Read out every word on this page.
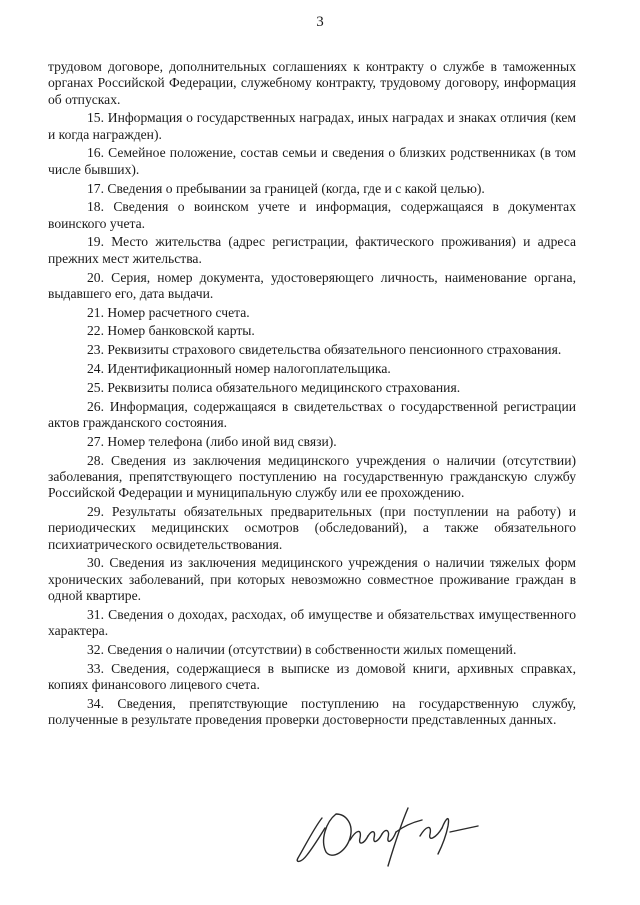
3

трудовом договоре, дополнительных соглашениях к контракту о службе в таможенных органах Российской Федерации, служебному контракту, трудовому договору, информация об отпусках.

15. Информация о государственных наградах, иных наградах и знаках отличия (кем и когда награжден).

16. Семейное положение, состав семьи и сведения о близких родственниках (в том числе бывших).

17. Сведения о пребывании за границей (когда, где и с какой целью).

18. Сведения о воинском учете и информация, содержащаяся в документах воинского учета.

19. Место жительства (адрес регистрации, фактического проживания) и адреса прежних мест жительства.

20. Серия, номер документа, удостоверяющего личность, наименование органа, выдавшего его, дата выдачи.

21. Номер расчетного счета.

22. Номер банковской карты.

23. Реквизиты страхового свидетельства обязательного пенсионного страхования.

24. Идентификационный номер налогоплательщика.

25. Реквизиты полиса обязательного медицинского страхования.

26. Информация, содержащаяся в свидетельствах о государственной регистрации актов гражданского состояния.

27. Номер телефона (либо иной вид связи).

28. Сведения из заключения медицинского учреждения о наличии (отсутствии) заболевания, препятствующего поступлению на государственную гражданскую службу Российской Федерации и муниципальную службу или ее прохождению.

29. Результаты обязательных предварительных (при поступлении на работу) и периодических медицинских осмотров (обследований), а также обязательного психиатрического освидетельствования.

30. Сведения из заключения медицинского учреждения о наличии тяжелых форм хронических заболеваний, при которых невозможно совместное проживание граждан в одной квартире.

31. Сведения о доходах, расходах, об имуществе и обязательствах имущественного характера.

32. Сведения о наличии (отсутствии) в собственности жилых помещений.

33. Сведения, содержащиеся в выписке из домовой книги, архивных справках, копиях финансового лицевого счета.

34. Сведения, препятствующие поступлению на государственную службу, полученные в результате проведения проверки достоверности представленных данных.
